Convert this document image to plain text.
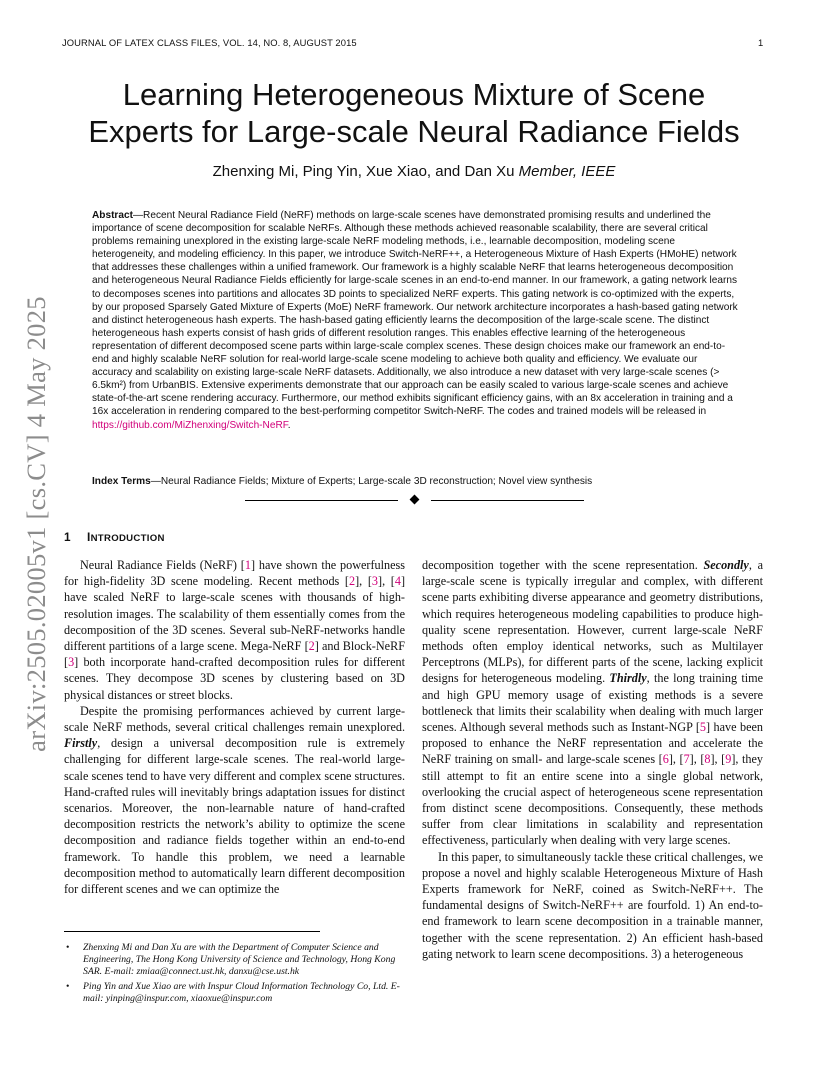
JOURNAL OF LATEX CLASS FILES, VOL. 14, NO. 8, AUGUST 2015	1
Learning Heterogeneous Mixture of Scene
Experts for Large-scale Neural Radiance Fields
Zhenxing Mi, Ping Yin, Xue Xiao, and Dan Xu Member, IEEE

Abstract—Recent Neural Radiance Field (NeRF) methods on large-scale scenes have demonstrated promising results and underlined the importance of scene decomposition for scalable NeRFs. Although these methods achieved reasonable scalability, there are several critical problems remaining unexplored in the existing large-scale NeRF modeling methods, i.e., learnable decomposition, modeling scene heterogeneity, and modeling efficiency. In this paper, we introduce Switch-NeRF++, a Heterogeneous Mixture of Hash Experts (HMoHE) network that addresses these challenges within a unified framework. Our framework is a highly scalable NeRF that learns heterogeneous decomposition and heterogeneous Neural Radiance Fields efficiently for large-scale scenes in an end-to-end manner. In our framework, a gating network learns to decomposes scenes into partitions and allocates 3D points to specialized NeRF experts. This gating network is co-optimized with the experts, by our proposed Sparsely Gated Mixture of Experts (MoE) NeRF framework. Our network architecture incorporates a hash-based gating network and distinct heterogeneous hash experts. The hash-based gating efficiently learns the decomposition of the large-scale scene. The distinct heterogeneous hash experts consist of hash grids of different resolution ranges. This enables effective learning of the heterogeneous representation of different decomposed scene parts within large-scale complex scenes. These design choices make our framework an end-to-end and highly scalable NeRF solution for real-world large-scale scene modeling to achieve both quality and efficiency. We evaluate our accuracy and scalability on existing large-scale NeRF datasets. Additionally, we also introduce a new dataset with very large-scale scenes (> 6.5km²) from UrbanBIS. Extensive experiments demonstrate that our approach can be easily scaled to various large-scale scenes and achieve state-of-the-art scene rendering accuracy. Furthermore, our method exhibits significant efficiency gains, with an 8x acceleration in training and a 16x acceleration in rendering compared to the best-performing competitor Switch-NeRF. The codes and trained models will be released in https://github.com/MiZhenxing/Switch-NeRF.

Index Terms—Neural Radiance Fields; Mixture of Experts; Large-scale 3D reconstruction; Novel view synthesis

arXiv:2505.02005v1 [cs.CV] 4 May 2025	1 INTRODUCTION

Neural Radiance Fields (NeRF) [1] have shown the powerfulness for high-fidelity 3D scene modeling. Recent methods [2], [3], [4] have scaled NeRF to large-scale scenes with thousands of high-resolution images. The scalability of them essentially comes from the decomposition of the 3D scenes. Several sub-NeRF-networks handle different partitions of a large scene. Mega-NeRF [2] and Block-NeRF [3] both incorporate hand-crafted decomposition rules for different scenes. They decompose 3D scenes by clustering based on 3D physical distances or street blocks.

Despite the promising performances achieved by current large-scale NeRF methods, several critical challenges remain unexplored. Firstly, design a universal decomposition rule is extremely challenging for different large-scale scenes. The real-world large-scale scenes tend to have very different and complex scene structures. Hand-crafted rules will inevitably brings adaptation issues for distinct scenarios. Moreover, the non-learnable nature of hand-crafted decomposition restricts the network’s ability to optimize the scene decomposition and radiance fields together within an end-to-end framework. To handle this problem, we need a learnable decomposition method to automatically learn different decomposition for different scenes and we can optimize the

• Zhenxing Mi and Dan Xu are with the Department of Computer Science and Engineering, The Hong Kong University of Science and Technology, Hong Kong SAR. E-mail: zmiaa@connect.ust.hk, danxu@cse.ust.hk
• Ping Yin and Xue Xiao are with Inspur Cloud Information Technology Co, Ltd. E-mail: yinping@inspur.com, xiaoxue@inspur.com

decomposition together with the scene representation. Secondly, a large-scale scene is typically irregular and complex, with different scene parts exhibiting diverse appearance and geometry distributions, which requires heterogeneous modeling capabilities to produce high-quality scene representation. However, current large-scale NeRF methods often employ identical networks, such as Multilayer Perceptrons (MLPs), for different parts of the scene, lacking explicit designs for heterogeneous modeling. Thirdly, the long training time and high GPU memory usage of existing methods is a severe bottleneck that limits their scalability when dealing with much larger scenes. Although several methods such as Instant-NGP [5] have been proposed to enhance the NeRF representation and accelerate the NeRF training on small- and large-scale scenes [6], [7], [8], [9], they still attempt to fit an entire scene into a single global network, overlooking the crucial aspect of heterogeneous scene representation from distinct scene decompositions. Consequently, these methods suffer from clear limitations in scalability and representation effectiveness, particularly when dealing with very large scenes.

In this paper, to simultaneously tackle these critical challenges, we propose a novel and highly scalable Heterogeneous Mixture of Hash Experts framework for NeRF, coined as Switch-NeRF++. The fundamental designs of Switch-NeRF++ are fourfold. 1) An end-to-end framework to learn scene decomposition in a trainable manner, together with the scene representation. 2) An efficient hash-based gating network to learn scene decompositions. 3) a heterogeneous
